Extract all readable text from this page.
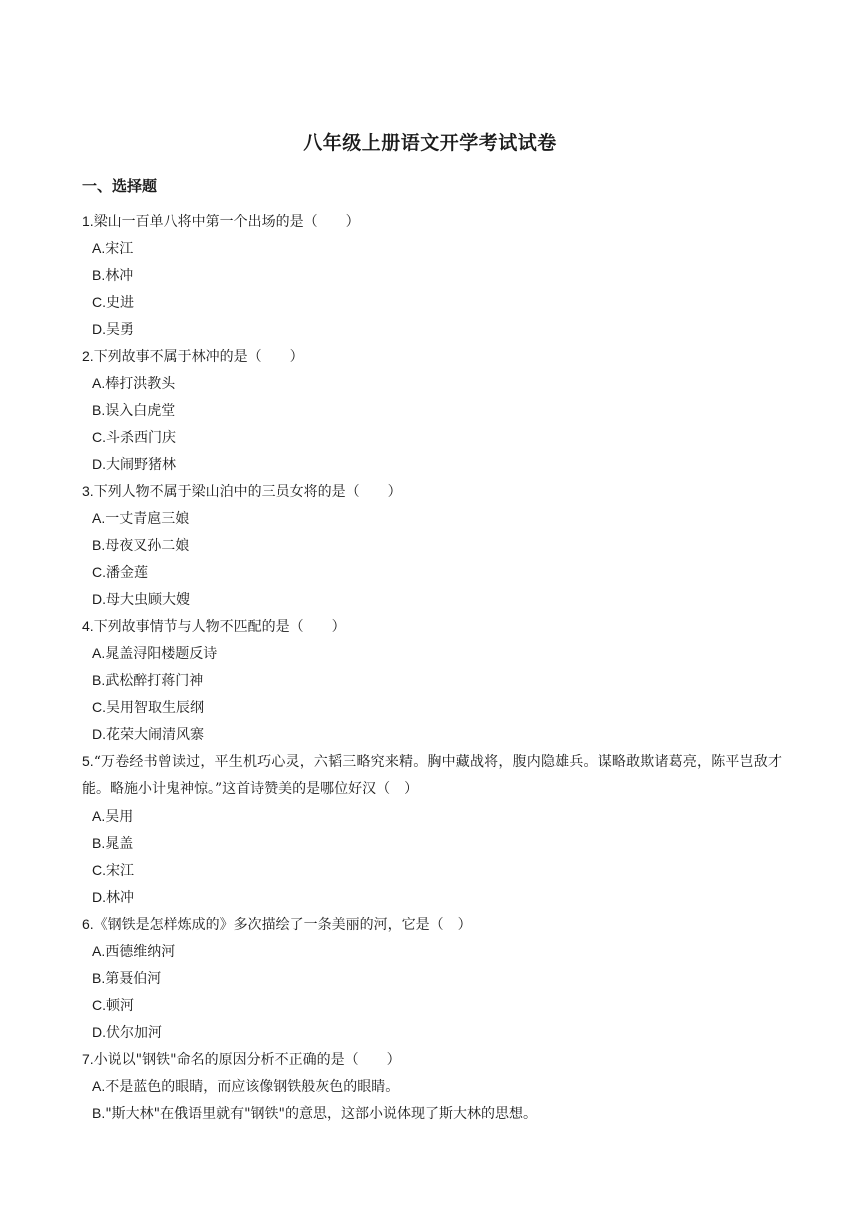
八年级上册语文开学考试试卷
一、选择题
1.梁山一百单八将中第一个出场的是（　　）
A.宋江
B.林冲
C.史进
D.吴勇
2.下列故事不属于林冲的是（　　）
A.棒打洪教头
B.误入白虎堂
C.斗杀西门庆
D.大闹野猪林
3.下列人物不属于梁山泊中的三员女将的是（　　）
A.一丈青扈三娘
B.母夜叉孙二娘
C.潘金莲
D.母大虫顾大嫂
4.下列故事情节与人物不匹配的是（　　）
A.晁盖浔阳楼题反诗
B.武松醉打蒋门神
C.吴用智取生辰纲
D.花荣大闹清风寨
5.“万卷经书曾读过，平生机巧心灵，六韬三略究来精。胸中藏战将，腹内隐雄兵。谋略敢欺诸葛亮，陈平岂敌才能。略施小计鬼神惊。”这首诗赞美的是哪位好汉（　）
A.吴用
B.晁盖
C.宋江
D.林冲
6.《钢铁是怎样炼成的》多次描绘了一条美丽的河，它是（　）
A.西德维纳河
B.第聂伯河
C.顿河
D.伏尔加河
7.小说以"钢铁"命名的原因分析不正确的是（　　）
A.不是蓝色的眼睛，而应该像钢铁般灰色的眼睛。
B."斯大林"在俄语里就有"钢铁"的意思，这部小说体现了斯大林的思想。
